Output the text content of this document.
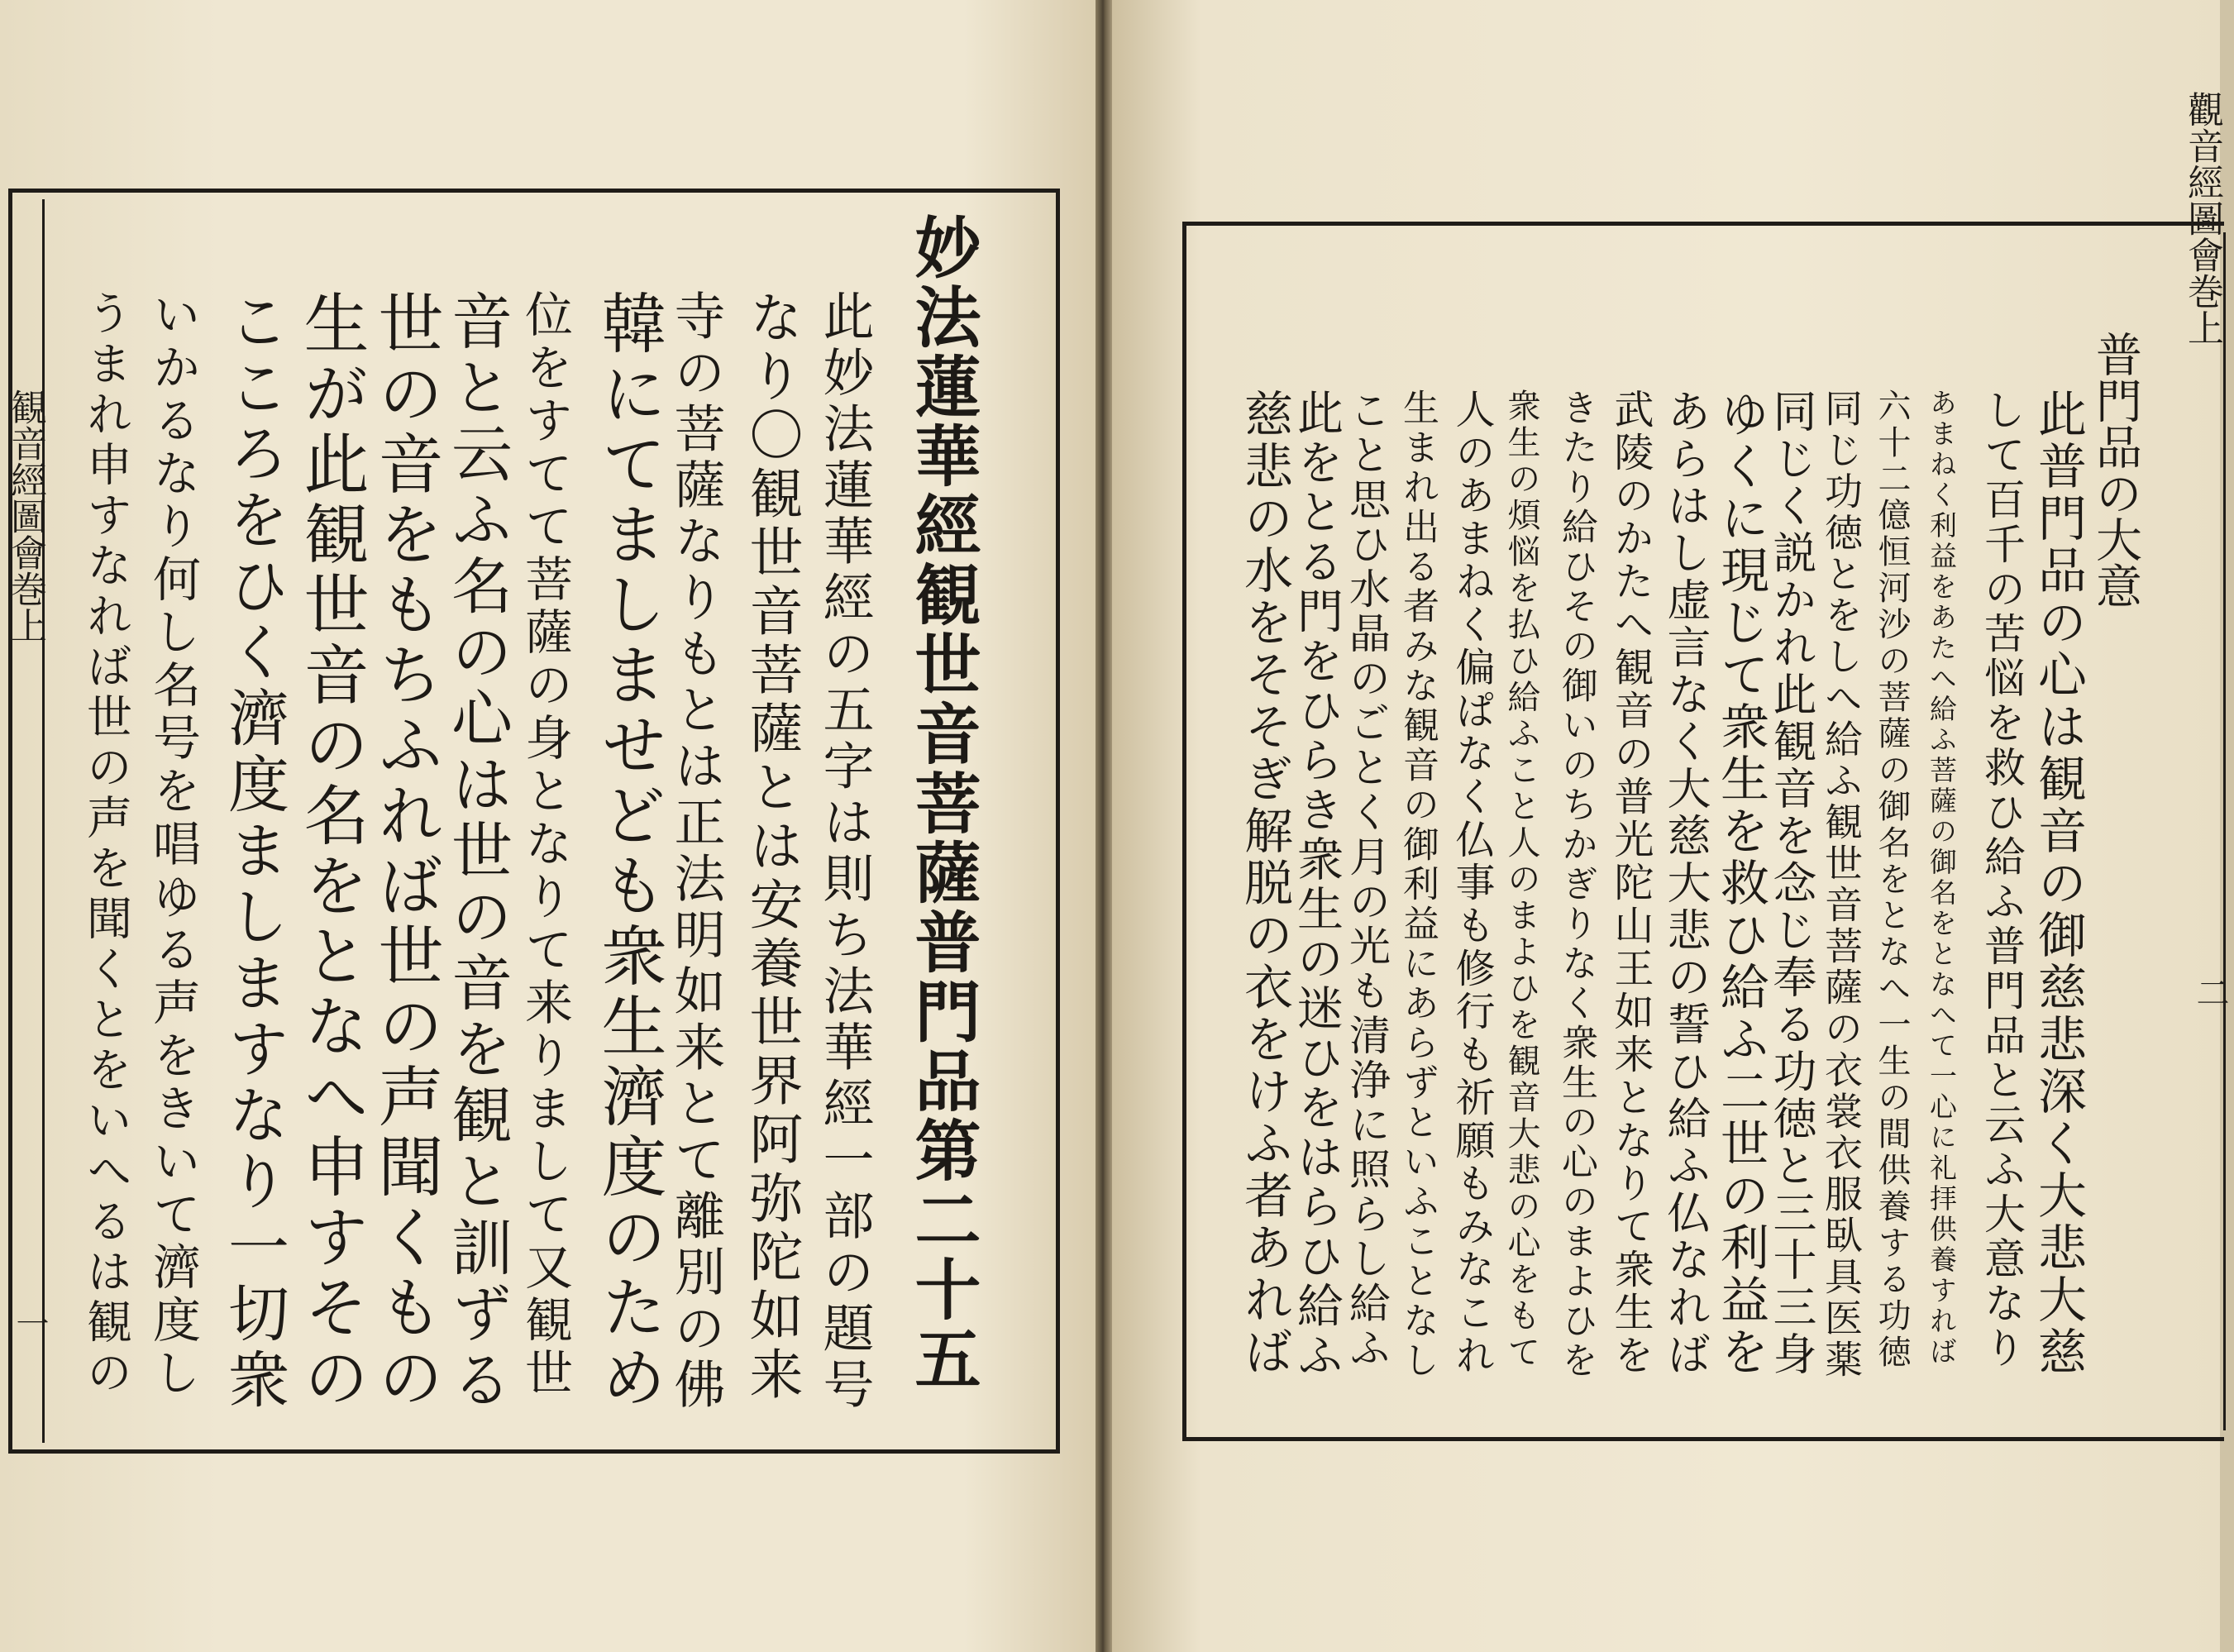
観音經圖會巻上
一	妙法蓮華經観世音菩薩普門品第二十五
此妙法蓮華經の五字は則ち法華經一部の題号
なり〇観世音菩薩とは安養世界阿弥陀如来
寺の菩薩なりもとは正法明如来とて離別の佛
韓にてましませども衆生濟度のため
位をすてて菩薩の身となりて来りまして又観世
音と云ふ名の心は世の音を観と訓ずる
世の音をもちふれば世の声聞くもの
生が此観世音の名をとなへ申すその
こころをひく濟度ましますなり一切衆
いかるなり何し名号を唱ゆる声をきいて濟度し
うまれ申すなれば世の声を聞くとをいへるは観の
觀音經圖會巻上
二
普門品の大意
此普門品の心は観音の御慈悲深く大悲大慈
して百千の苦悩を救ひ給ふ普門品と云ふ大意なり
あまねく利益をあたへ給ふ菩薩の御名をとなへて一心に礼拝供養すれば
六十二億恒河沙の菩薩の御名をとなへ一生の間供養する功徳
同じ功徳とをしへ給ふ観世音菩薩の衣裳衣服臥具医薬
同じく説かれ此観音を念じ奉る功徳と三十三身
ゆくに現じて衆生を救ひ給ふ二世の利益を
あらはし虚言なく大慈大悲の誓ひ給ふ仏なれば
武陵のかたへ観音の普光陀山王如来となりて衆生を
きたり給ひその御いのちかぎりなく衆生の心のまよひを
衆生の煩悩を払ひ給ふこと人のまよひを観音大悲の心をもて
人のあまねく偏ぱなく仏事も修行も祈願もみなこれ
生まれ出る者みな観音の御利益にあらずといふことなし
こと思ひ水晶のごとく月の光も清浄に照らし給ふ
此をとる門をひらき衆生の迷ひをはらひ給ふ
慈悲の水をそそぎ解脱の衣をけふ者あれば
